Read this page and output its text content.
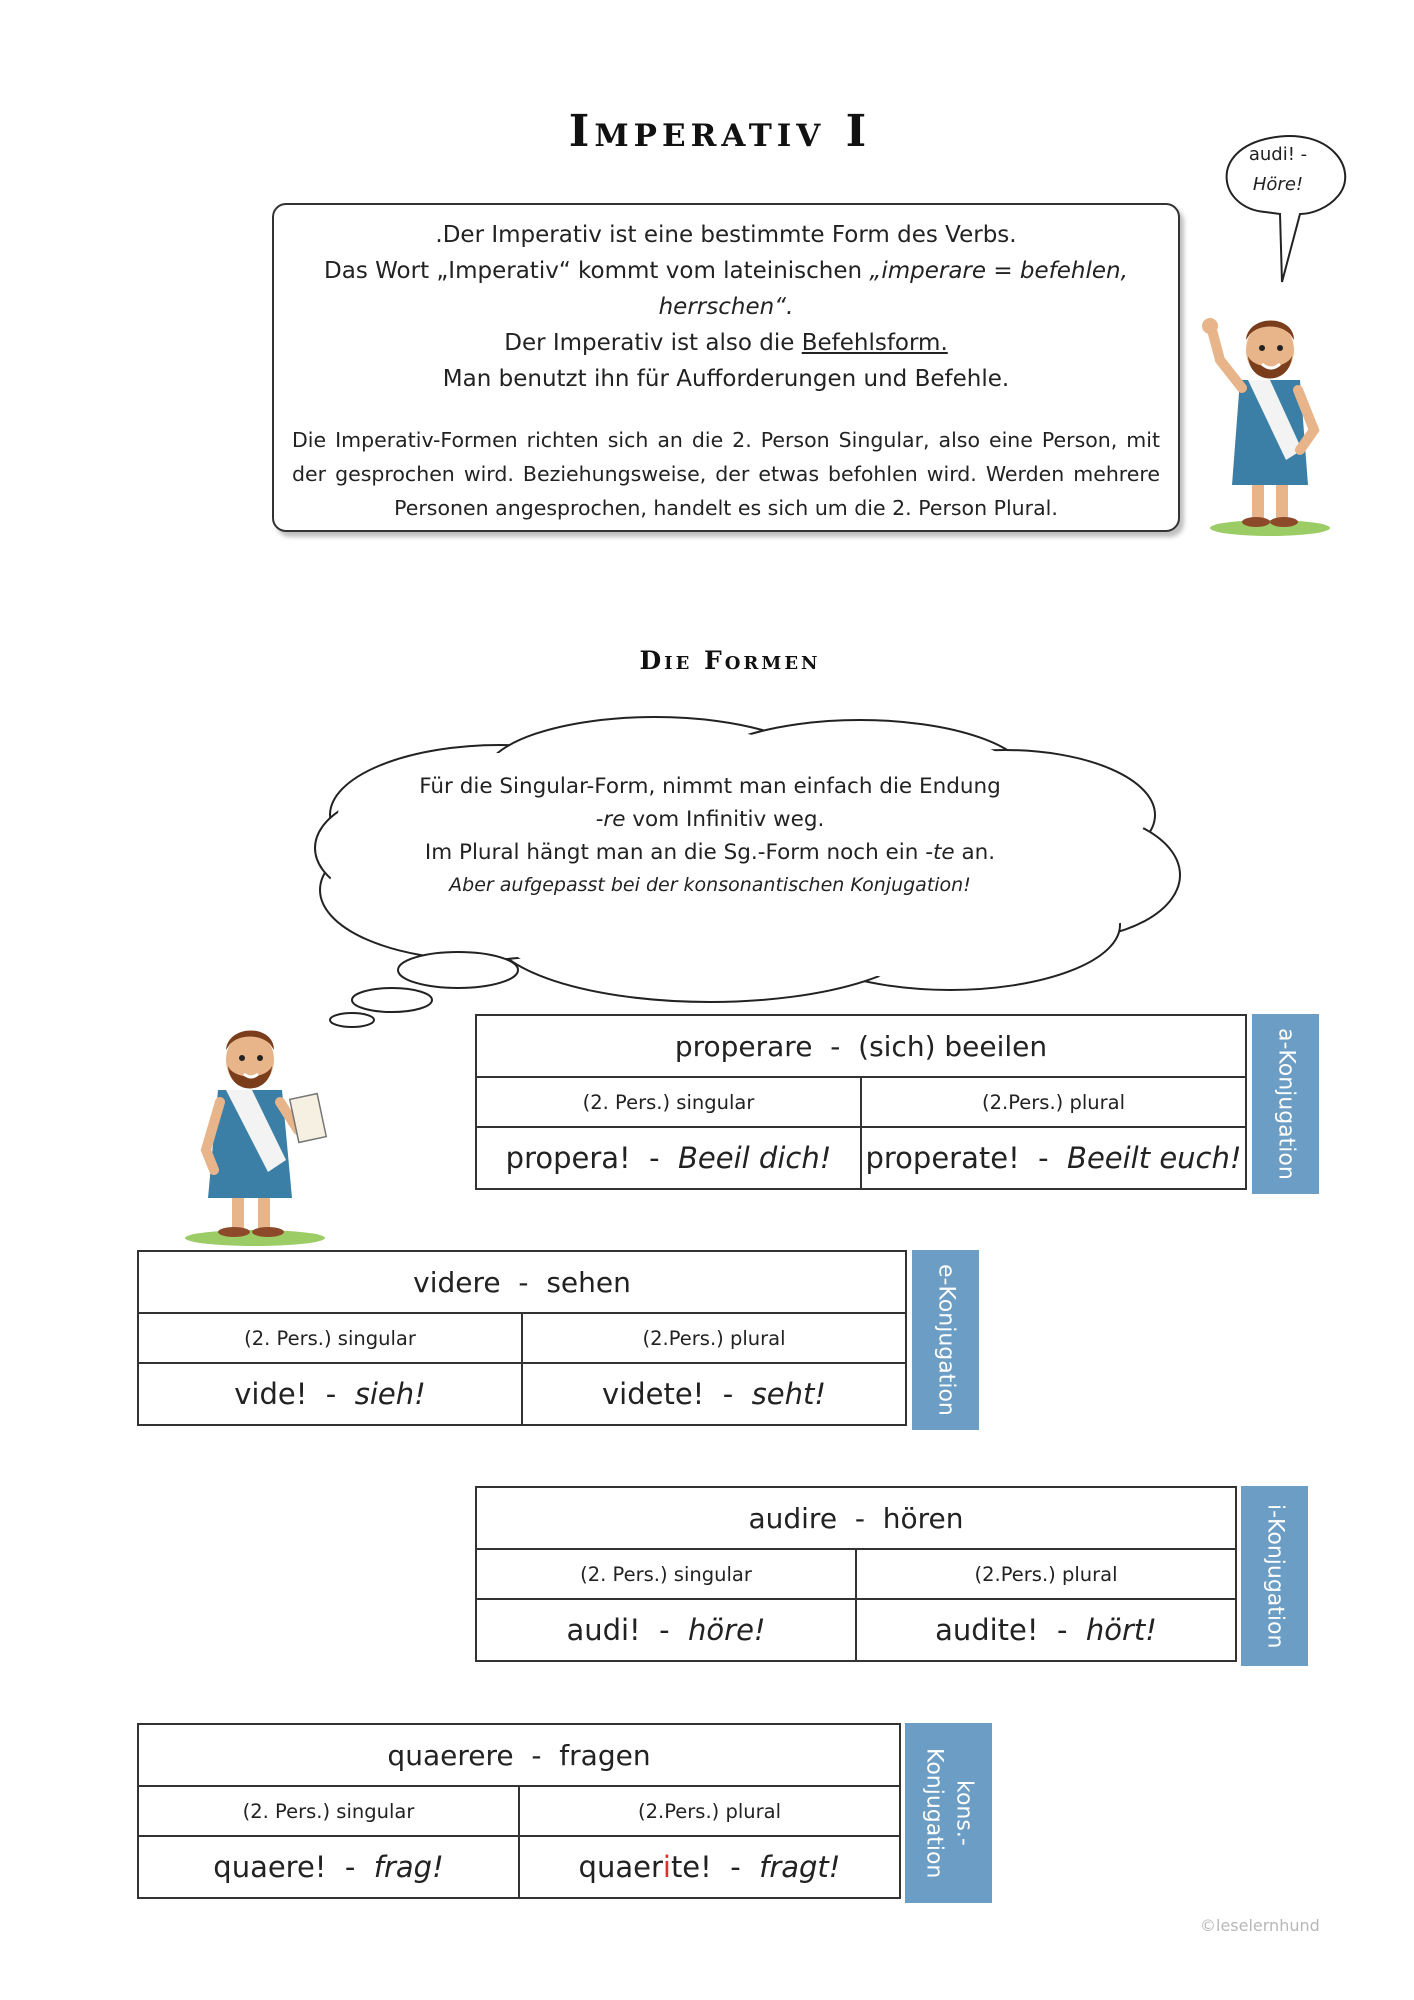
Imperativ I
.Der Imperativ ist eine bestimmte Form des Verbs.
Das Wort „Imperativ“ kommt vom lateinischen „imperare = befehlen, herrschen“.
Der Imperativ ist also die Befehlsform.
Man benutzt ihn für Aufforderungen und Befehle.
Die Imperativ-Formen richten sich an die 2. Person Singular, also eine Person, mit der gesprochen wird. Beziehungsweise, der etwas befohlen wird. Werden mehrere Personen angesprochen, handelt es sich um die 2. Person Plural.
audi! -
Höre!
Die Formen
Für die Singular-Form, nimmt man einfach die Endung
-re vom Infinitiv weg.
Im Plural hängt man an die Sg.-Form noch ein -te an.
Aber aufgepasst bei der konsonantischen Konjugation!
properare  -  (sich) beeilen	
(2. Pers.) singular	(2.Pers.) plural
propera!  -  Beeil dich!	properate!  -  Beeilt euch! a-Konjugation
videre  -  sehen	
(2. Pers.) singular	(2.Pers.) plural
vide!  -  sieh!	videte!  -  seht!	e-Konjugation
audire  -  hören	
(2. Pers.) singular	(2.Pers.) plural
audi!  -  höre!	audite!  -  hört!	i-Konjugation
quaerere  -  fragen	
(2. Pers.) singular	(2.Pers.) plural
quaere!  -  frag!	quaerite!  -  fragt!
kons.-
Konjugation
©leselernhund
